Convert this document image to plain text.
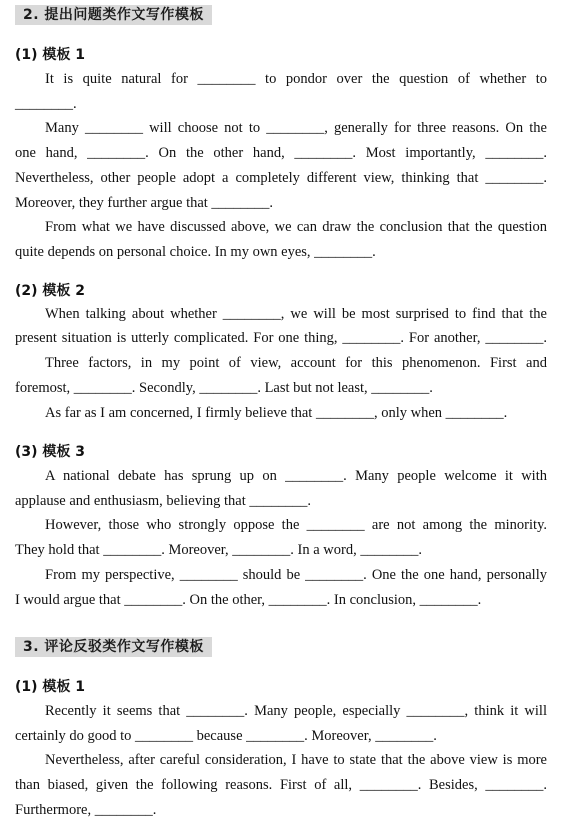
2. 提出问题类作文写作模板
(1) 模板 1
It is quite natural for ________ to pondor over the question of whether to
________.
Many ________ will choose not to ________, generally for three reasons. On the
one hand, ________. On the other hand, ________. Most importantly, ________.
Nevertheless, other people adopt a completely different view, thinking that ________.
Moreover, they further argue that ________.
From what we have discussed above, we can draw the conclusion that the question
quite depends on personal choice. In my own eyes, ________.
(2) 模板 2
When talking about whether ________, we will be most surprised to find that the
present situation is utterly complicated. For one thing, ________. For another, ________.
Three factors, in my point of view, account for this phenomenon. First and
foremost, ________. Secondly, ________. Last but not least, ________.
As far as I am concerned, I firmly believe that ________, only when ________.
(3) 模板 3
A national debate has sprung up on ________. Many people welcome it with
applause and enthusiasm, believing that ________.
However, those who strongly oppose the ________ are not among the minority.
They hold that ________. Moreover, ________. In a word, ________.
From my perspective, ________ should be ________. One the one hand, personally
I would argue that ________. On the other, ________. In conclusion, ________.
3. 评论反驳类作文写作模板
(1) 模板 1
Recently it seems that ________. Many people, especially ________, think it will
certainly do good to ________ because ________. Moreover, ________.
Nevertheless, after careful consideration, I have to state that the above view is more
than biased, given the following reasons. First of all, ________. Besides, ________.
Furthermore, ________.
